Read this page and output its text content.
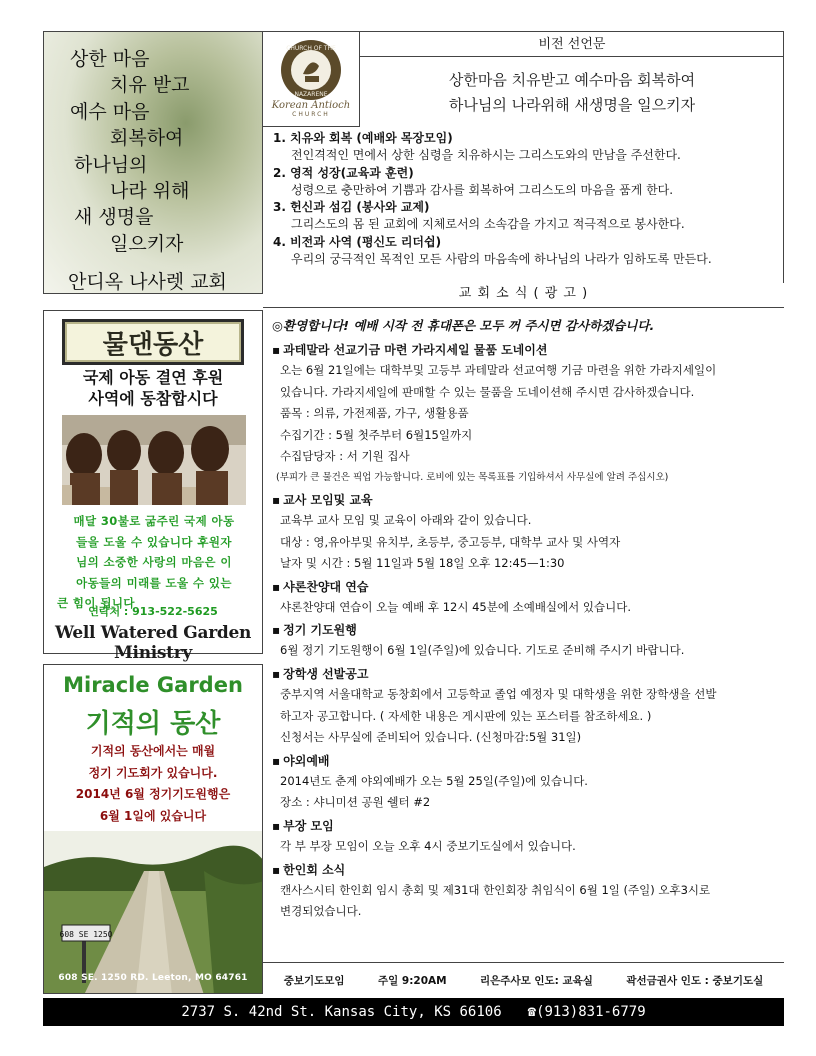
상한 마음
치유 받고
예수 마음
회복하여
하나님의
나라 위해
새 생명을
일으키자
안디옥 나사렛 교회
물댄동산
국제 아동 결연 후원
사역에 동참합시다
매달 30불로 굶주린 국제 아동
들을 도울 수 있습니다 후원자
님의 소중한 사랑의 마음은 이
아동들의 미래를 도울 수 있는
큰 힘이 됩니다
연락처 : 913-522-5625
Well Watered Garden Ministry
Miracle Garden
기적의 동산
기적의 동산에서는 매월
정기 기도회가 있습니다.
2014년 6월 정기기도원행은
6월 1일에 있습니다
608 SE 1250
608 SE. 1250 RD. Leeton, MO 64761
CHURCH OF THE
NAZARENE
Korean Antioch
CHURCH
비전 선언문
상한마음 치유받고 예수마음 회복하여
하나님의 나라위해 새생명을 일으키자
1. 치유와 회복 (예배와 목장모임)
전인격적인 면에서 상한 심령을 치유하시는 그리스도와의 만남을 주선한다.
2. 영적 성장(교육과 훈련)
성령으로 충만하여 기쁨과 감사를 회복하여 그리스도의 마음을 품게 한다.
3. 헌신과 섬김 (봉사와 교제)
그리스도의 몸 된 교회에 지체로서의 소속감을 가지고 적극적으로 봉사한다.
4. 비전과 사역 (평신도 리더쉽)
우리의 궁극적인 목적인 모든 사람의 마음속에 하나님의 나라가 임하도록 만든다.
교 회 소 식 ( 광 고 )
◎환영합니다! 예배 시작 전 휴대폰은 모두 꺼 주시면 감사하겠습니다.
▪ 과테말라 선교기금 마련 가라지세일 물품 도네이션
오는 6월 21일에는 대학부및 고등부 과테말라 선교여행 기금 마련을 위한 가라지세일이
있습니다. 가라지세일에 판매할 수 있는 물품을 도네이션해 주시면 감사하겠습니다.
품목 : 의류, 가전제품, 가구, 생활용품
수집기간 : 5월 첫주부터 6월15일까지
수집담당자 : 서 기원 집사
(부피가 큰 물건은 픽업 가능합니다. 로비에 있는 목록표를 기입하셔서 사무실에 알려 주십시오)
▪ 교사 모임및 교육
교육부 교사 모임 및 교육이 아래와 같이 있습니다.
대상 : 영,유아부및 유치부, 초등부, 중고등부, 대학부 교사 및 사역자
날자 및 시간 : 5월 11일과 5월 18일 오후 12:45—1:30
▪ 샤론찬양대 연습
샤론찬양대 연습이 오늘 예배 후 12시 45분에 소예배실에서 있습니다.
▪ 정기 기도원행
6월 정기 기도원행이 6월 1일(주일)에 있습니다. 기도로 준비해 주시기 바랍니다.
▪ 장학생 선발공고
중부지역 서울대학교 동창회에서 고등학교 졸업 예정자 및 대학생을 위한 장학생을 선발
하고자 공고합니다. ( 자세한 내용은 게시판에 있는 포스터를 참조하세요. )
신청서는 사무실에 준비되어 있습니다. (신청마감:5월 31일)
▪ 야외예배
2014년도 춘계 야외예배가 오는 5월 25일(주일)에 있습니다.
장소 : 샤니미션 공원 쉘터 #2
▪ 부장 모임
각 부 부장 모임이 오늘 오후 4시 중보기도실에서 있습니다.
▪ 한인회 소식
캔사스시티 한인회 임시 총회 및 제31대 한인회장 취임식이 6월 1일 (주일) 오후3시로
변경되었습니다.
중보기도모임	주일 9:20AM	리은주사모 인도: 교육실	곽선금권사 인도 : 중보기도실
2737 S. 42nd St. Kansas City, KS 66106 ☎(913)831-6779
